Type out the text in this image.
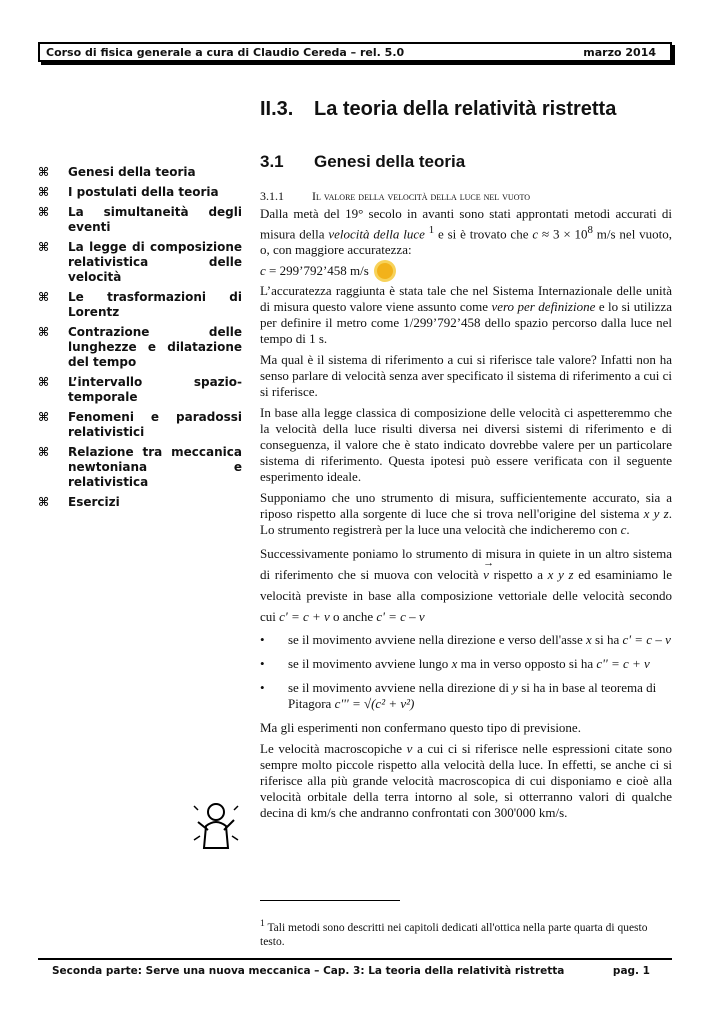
Corso di fisica generale a cura di Claudio Cereda – rel. 5.0	marzo 2014
II.3. La teoria della relatività ristretta
⌘	Genesi della teoria
⌘	I postulati della teoria
⌘	La simultaneità degli eventi
⌘	La legge di composizione relativistica delle velocità
⌘	Le trasformazioni di Lorentz
⌘	Contrazione delle lunghezze e dilatazione del tempo
⌘	L’intervallo spazio-temporale
⌘	Fenomeni e paradossi relativistici
⌘	Relazione tra meccanica newtoniana e relativistica
⌘	Esercizi
3.1 Genesi della teoria
3.1.1 Il valore della velocità della luce nel vuoto

Dalla metà del 19° secolo in avanti sono stati approntati metodi accurati di misura della velocità della luce $^1$ e si è trovato che $c \approx 3 \times 10^8$ m/s nel vuoto, o, con maggiore accuratezza:

c = 299’792’458 m/s

L’accuratezza raggiunta è stata tale che nel Sistema Internazionale delle unità di misura questo valore viene assunto come vero per definizione e lo si utilizza per definire il metro come 1/299’792’458 dello spazio percorso dalla luce nel tempo di 1 s.

Ma qual è il sistema di riferimento a cui si riferisce tale valore? Infatti non ha senso parlare di velocità senza aver specificato il sistema di riferimento a cui ci si riferisce.

In base alla legge classica di composizione delle velocità ci aspetteremmo che la velocità della luce risulti diversa nei diversi sistemi di riferimento e di conseguenza, il valore che è stato indicato dovrebbe valere per un particolare sistema di riferimento. Questa ipotesi può essere verificata con il seguente esperimento ideale.

Supponiamo che uno strumento di misura, sufficientemente accurato, sia a riposo rispetto alla sorgente di luce che si trova nell'origine del sistema x y z. Lo strumento registrerà per la luce una velocità che indicheremo con c.

Successivamente poniamo lo strumento di misura in quiete in un altro sistema di riferimento che si muova con velocità → v rispetto a x y z ed esaminiamo le velocità previste in base alla composizione vettoriale delle velocità secondo cui c' = c + v o anche c' = c – v

•	se il movimento avviene nella direzione e verso dell'asse x si ha c' = c – v
•	se il movimento avviene lungo x ma in verso opposto si ha c'' = c + v
•	se il movimento avviene nella direzione di y si ha in base al teorema di Pitagora c''' = √(c² + v²)

Ma gli esperimenti non confermano questo tipo di previsione.

Le velocità macroscopiche v a cui ci si riferisce nelle espressioni citate sono sempre molto piccole rispetto alla velocità della luce. In effetti, se anche ci si riferisce alla più grande velocità macroscopica di cui disponiamo e cioè alla velocità orbitale della terra intorno al sole, si otterranno valori di qualche decina di km/s che andranno confrontati con 300'000 km/s.

$^1$ Tali metodi sono descritti nei capitoli dedicati all'ottica nella parte quarta di questo testo.
Seconda parte: Serve una nuova meccanica – Cap. 3: La teoria della relatività ristretta	pag. 1
